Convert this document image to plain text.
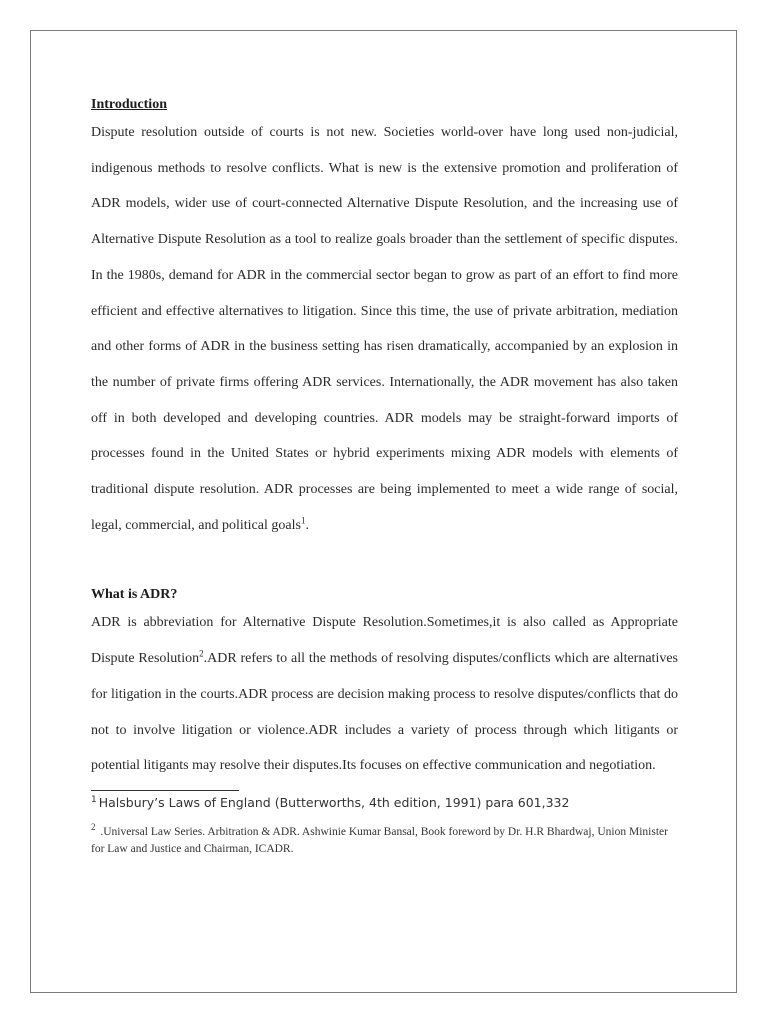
Introduction

Dispute resolution outside of courts is not new. Societies world-over have long used non-judicial, indigenous methods to resolve conflicts. What is new is the extensive promotion and proliferation of ADR models, wider use of court-connected Alternative Dispute Resolution, and the increasing use of Alternative Dispute Resolution as a tool to realize goals broader than the settlement of specific disputes. In the 1980s, demand for ADR in the commercial sector began to grow as part of an effort to find more efficient and effective alternatives to litigation. Since this time, the use of private arbitration, mediation and other forms of ADR in the business setting has risen dramatically, accompanied by an explosion in the number of private firms offering ADR services. Internationally, the ADR movement has also taken off in both developed and developing countries. ADR models may be straight-forward imports of processes found in the United States or hybrid experiments mixing ADR models with elements of traditional dispute resolution. ADR processes are being implemented to meet a wide range of social, legal, commercial, and political goals$^1$.

What is ADR?

ADR is abbreviation for Alternative Dispute Resolution.Sometimes,it is also called as Appropriate Dispute Resolution$^2$.ADR refers to all the methods of resolving disputes/conflicts which are alternatives for litigation in the courts.ADR process are decision making process to resolve disputes/conflicts that do not to involve litigation or violence.ADR includes a variety of process through which litigants or potential litigants may resolve their disputes.Its focuses on effective communication and negotiation.

$^1$ Halsbury’s Laws of England (Butterworths, 4th edition, 1991) para 601,332

$^2$ .Universal Law Series. Arbitration & ADR. Ashwinie Kumar Bansal, Book foreword by Dr. H.R Bhardwaj, Union Minister for Law and Justice and Chairman, ICADR.
